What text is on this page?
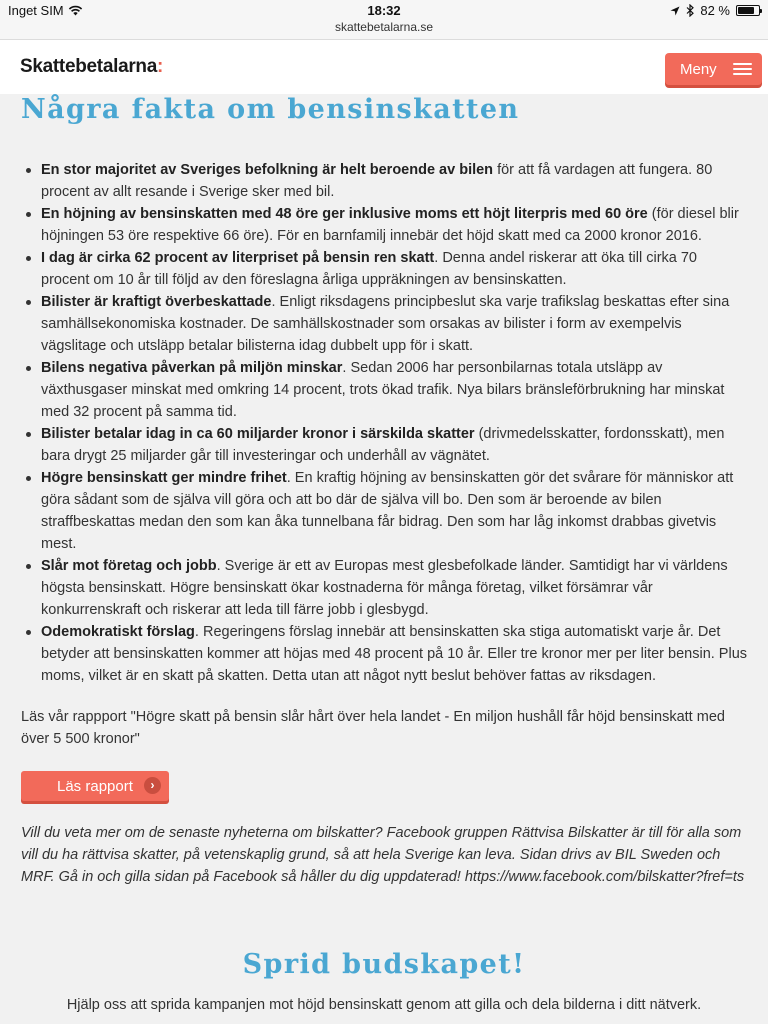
Inget SIM	18:32
skattebetalarna.se
82 %
Skattebetalarna:	Meny
Några fakta om bensinskatten
En stor majoritet av Sveriges befolkning är helt beroende av bilen för att få vardagen att fungera. 80 procent av allt resande i Sverige sker med bil.
En höjning av bensinskatten med 48 öre ger inklusive moms ett höjt literpris med 60 öre (för diesel blir höjningen 53 öre respektive 66 öre). För en barnfamilj innebär det höjd skatt med ca 2000 kronor 2016.
I dag är cirka 62 procent av literpriset på bensin ren skatt. Denna andel riskerar att öka till cirka 70 procent om 10 år till följd av den föreslagna årliga uppräkningen av bensinskatten.
Bilister är kraftigt överbeskattade. Enligt riksdagens principbeslut ska varje trafikslag beskattas efter sina samhällsekonomiska kostnader. De samhällskostnader som orsakas av bilister i form av exempelvis vägslitage och utsläpp betalar bilisterna idag dubbelt upp för i skatt.
Bilens negativa påverkan på miljön minskar. Sedan 2006 har personbilarnas totala utsläpp av växthusgaser minskat med omkring 14 procent, trots ökad trafik. Nya bilars bränsleförbrukning har minskat med 32 procent på samma tid.
Bilister betalar idag in ca 60 miljarder kronor i särskilda skatter (drivmedelsskatter, fordonsskatt), men bara drygt 25 miljarder går till investeringar och underhåll av vägnätet.
Högre bensinskatt ger mindre frihet. En kraftig höjning av bensinskatten gör det svårare för människor att göra sådant som de själva vill göra och att bo där de själva vill bo. Den som är beroende av bilen straffbeskattas medan den som kan åka tunnelbana får bidrag. Den som har låg inkomst drabbas givetvis mest.
Slår mot företag och jobb. Sverige är ett av Europas mest glesbefolkade länder. Samtidigt har vi världens högsta bensinskatt. Högre bensinskatt ökar kostnaderna för många företag, vilket försämrar vår konkurrenskraft och riskerar att leda till färre jobb i glesbygd.
Odemokratiskt förslag. Regeringens förslag innebär att bensinskatten ska stiga automatiskt varje år. Det betyder att bensinskatten kommer att höjas med 48 procent på 10 år. Eller tre kronor mer per liter bensin. Plus moms, vilket är en skatt på skatten. Detta utan att något nytt beslut behöver fattas av riksdagen.

Läs vår rappport "Högre skatt på bensin slår hårt över hela landet - En miljon hushåll får höjd bensinskatt med över 5 500 kronor"

Läs rapport	›

Vill du veta mer om de senaste nyheterna om bilskatter? Facebook gruppen Rättvisa Bilskatter är till för alla som vill du ha rättvisa skatter, på vetenskaplig grund, så att hela Sverige kan leva. Sidan drivs av BIL Sweden och MRF. Gå in och gilla sidan på Facebook så håller du dig uppdaterad! https://www.facebook.com/bilskatter?fref=ts

Sprid budskapet!

Hjälp oss att sprida kampanjen mot höjd bensinskatt genom att gilla och dela bilderna i ditt nätverk.
